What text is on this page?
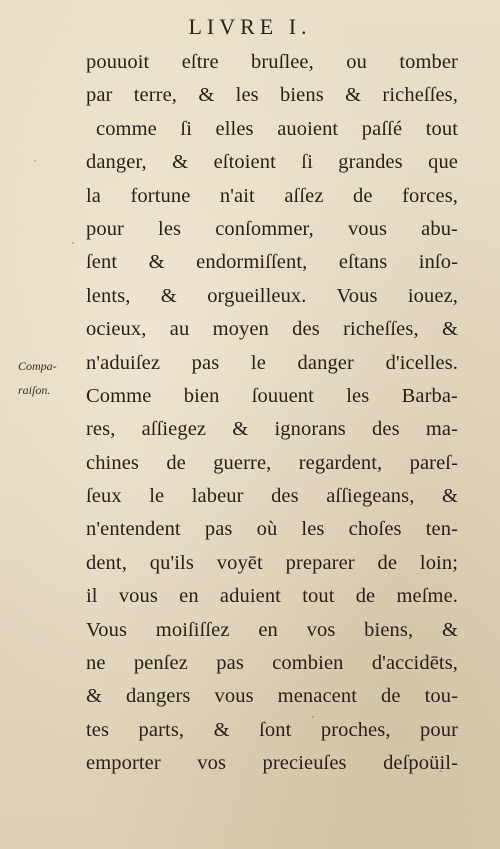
LIVRE I.
Compa-
raiſon.
pouuoit eſtre bruſlee, ou tomber
par terre, & les biens & richeſſes,
comme ſi elles auoient paſſé tout
danger, & eſtoient ſi grandes que
la fortune n'ait aſſez de forces,
pour les conſommer, vous abu-
ſent & endormiſſent, eſtans inſo-
lents, & orgueilleux. Vous iouez,
ocieux, au moyen des richeſſes, &
n'aduiſez pas le danger d'icelles.
Comme bien ſouuent les Barba-
res, aſſiegez & ignorans des ma-
chines de guerre, regardent, pareſ-
ſeux le labeur des aſſiegeans, &
n'entendent pas où les choſes ten-
dent, qu'ils voyēt preparer de loin;
il vous en aduient tout de meſme.
Vous moiſiſſez en vos biens, &
ne penſez pas combien d'accidēts,
& dangers vous menacent de tou-
tes parts, & ſont proches, pour
emporter vos precieuſes deſpoüil-
